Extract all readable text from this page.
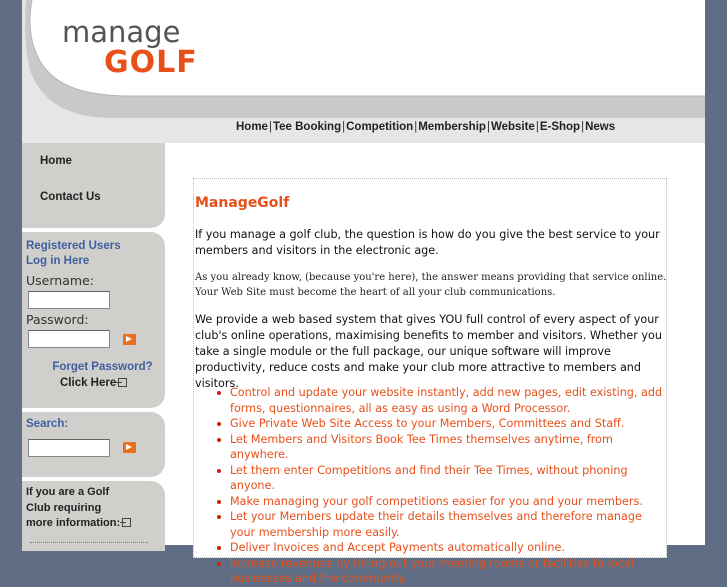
manage
GOLF
Home|Tee Booking|Competition|Membership|Website|E-Shop|News
Home
Contact Us
Registered Users
Log in Here
Username:
Password:
Forget Password?
Click Here
Search:
If you are a Golf
Club requiring
more information:
ManageGolf

If you manage a golf club, the question is how do you give the best service to your members and visitors in the electronic age.

As you already know, (because you're here), the answer means providing that service online. Your Web Site must become the heart of all your club communications.

We provide a web based system that gives YOU full control of every aspect of your club's online operations, maximising benefits to member and visitors. Whether you take a single module or the full package, our unique software will improve productivity, reduce costs and make your club more attractive to members and visitors.

Control and update your website instantly, add new pages, edit existing, add forms, questionnaires, all as easy as using a Word Processor.
Give Private Web Site Access to your Members, Committees and Staff.
Let Members and Visitors Book Tee Times themselves anytime, from anywhere.
Let them enter Competitions and find their Tee Times, without phoning anyone.
Make managing your golf competitions easier for you and your members.
Let your Members update their details themselves and therefore manage your membership more easily.
Deliver Invoices and Accept Payments automatically online.
Increase revenues by hiring out your meeting rooms or facilities to local businesses and the community.
